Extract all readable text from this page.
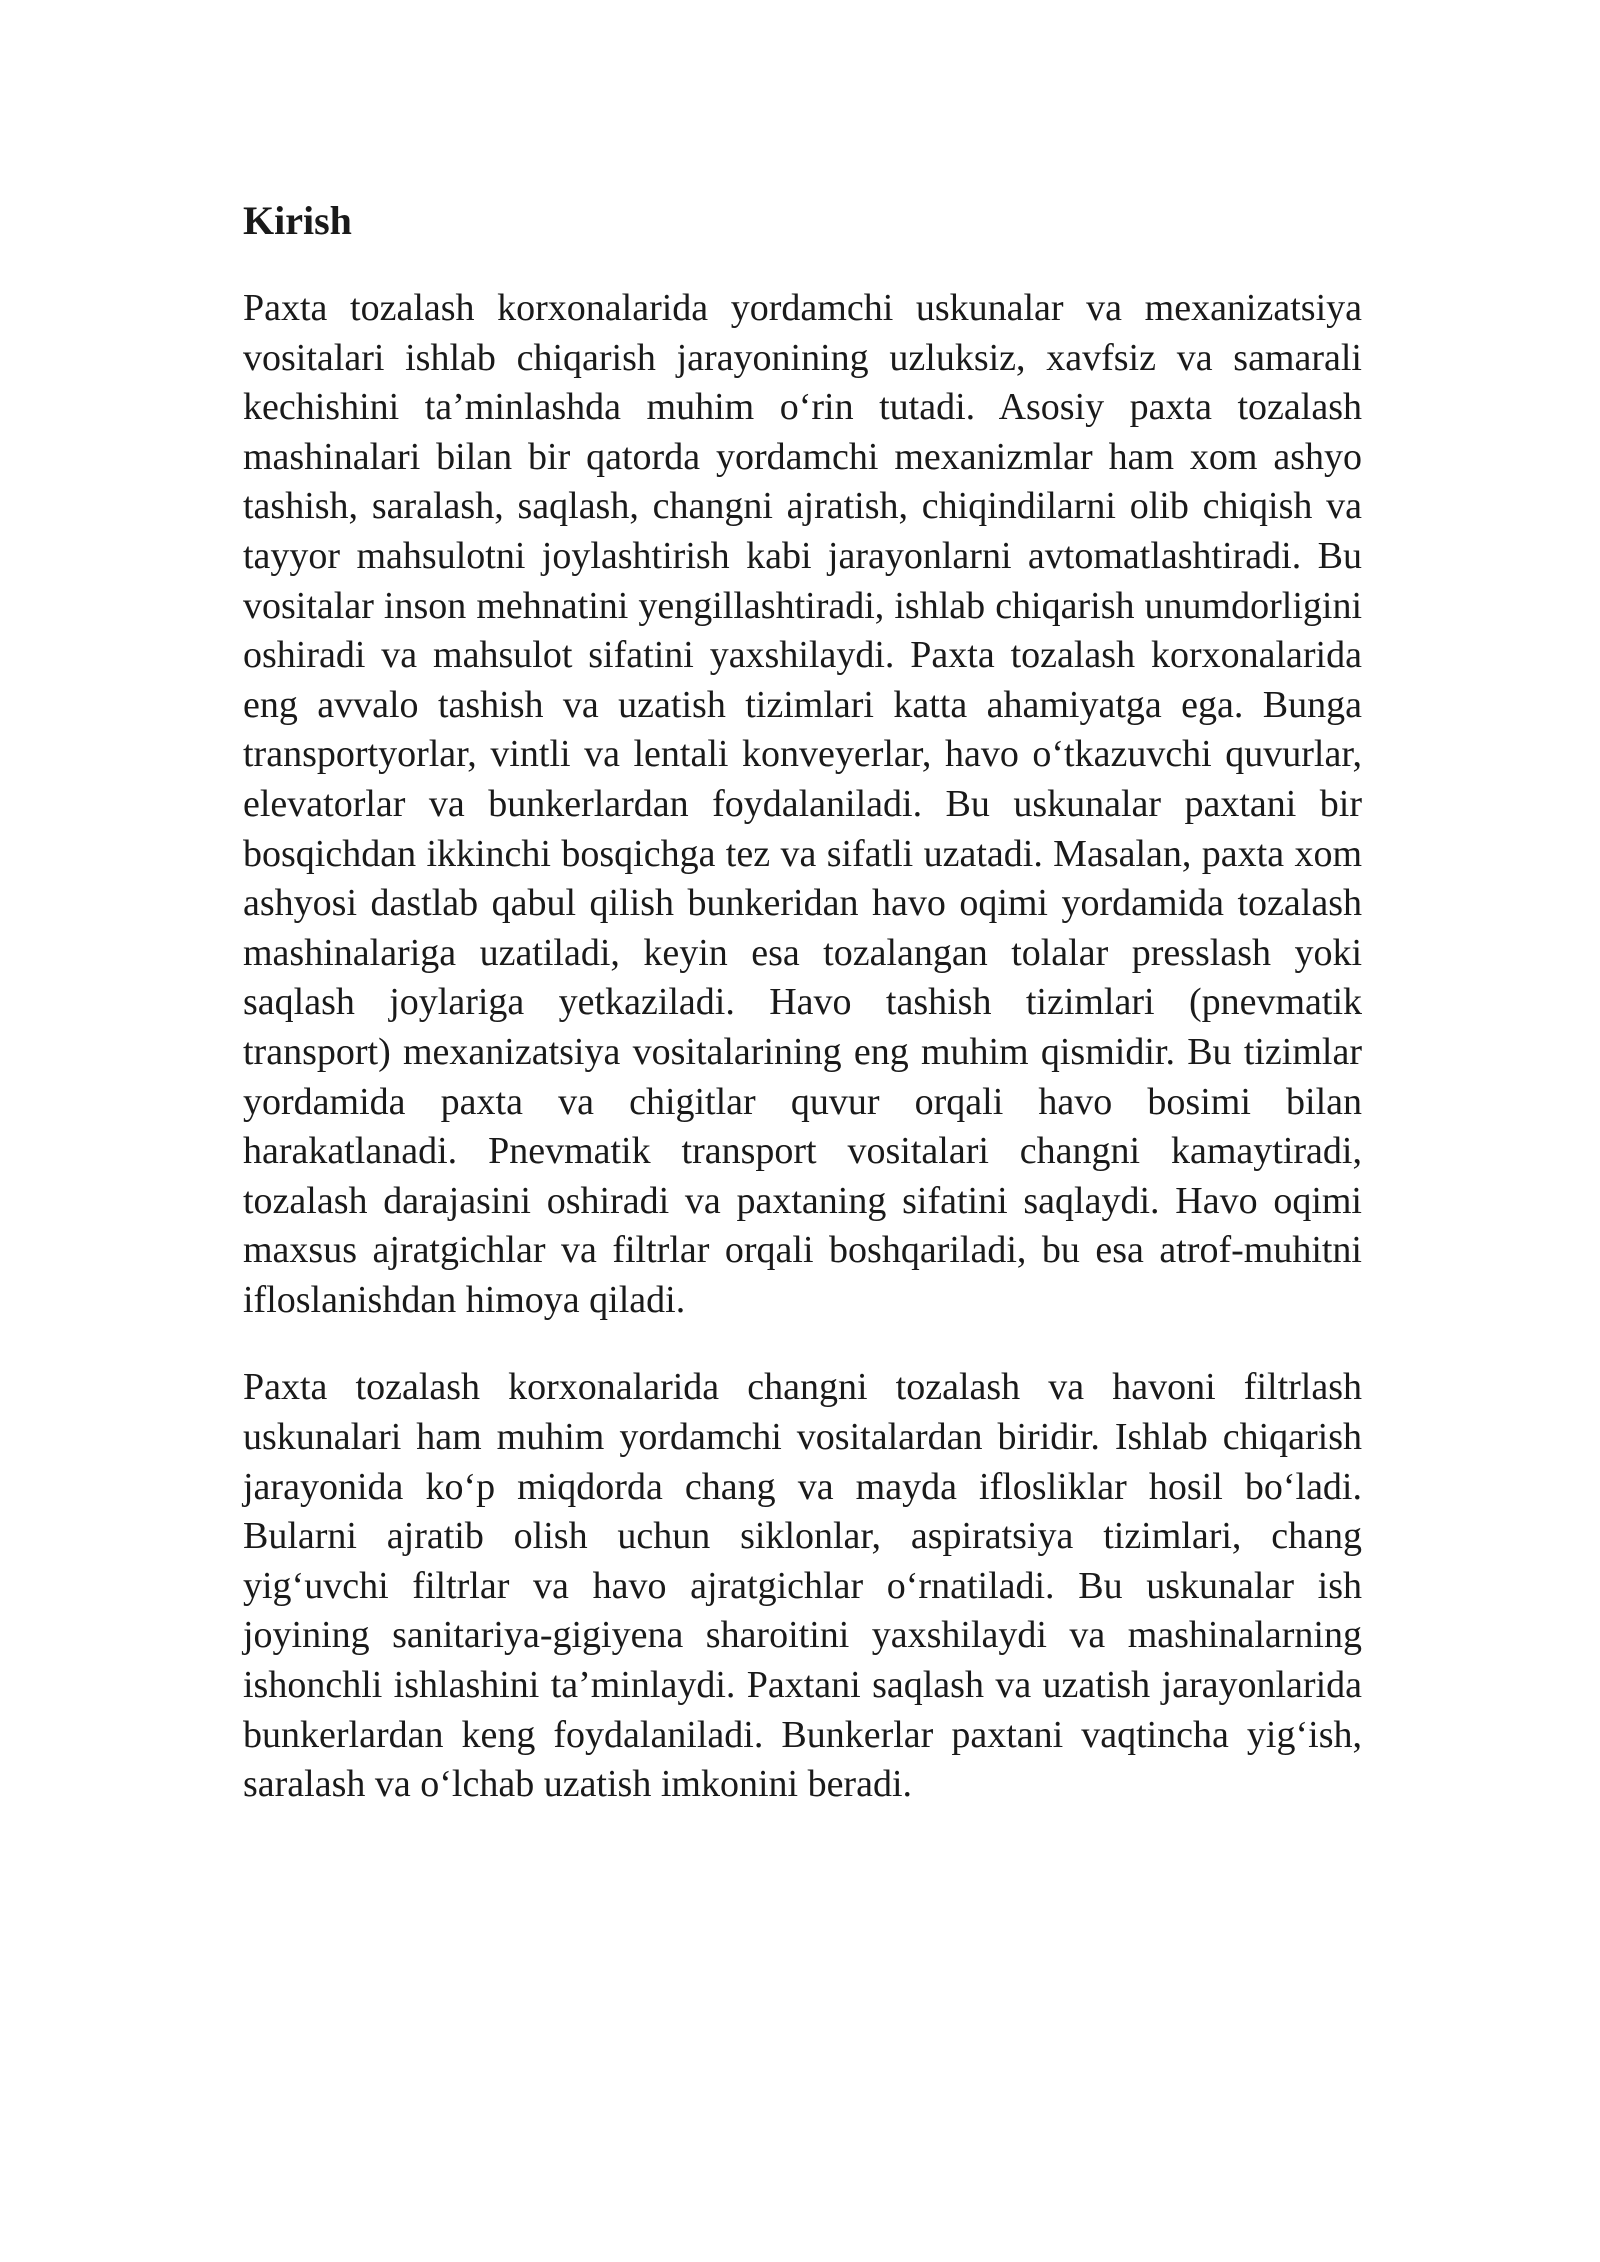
Kirish

Paxta tozalash korxonalarida yordamchi uskunalar va mexanizatsiya vositalari ishlab chiqarish jarayonining uzluksiz, xavfsiz va samarali kechishini ta’minlashda muhim o‘rin tutadi. Asosiy paxta tozalash mashinalari bilan bir qatorda yordamchi mexanizmlar ham xom ashyo tashish, saralash, saqlash, changni ajratish, chiqindilarni olib chiqish va tayyor mahsulotni joylashtirish kabi jarayonlarni avtomatlashtiradi. Bu vositalar inson mehnatini yengillashtiradi, ishlab chiqarish unumdorligini oshiradi va mahsulot sifatini yaxshilaydi. Paxta tozalash korxonalarida eng avvalo tashish va uzatish tizimlari katta ahamiyatga ega. Bunga transportyorlar, vintli va lentali konveyerlar, havo o‘tkazuvchi quvurlar, elevatorlar va bunkerlardan foydalaniladi. Bu uskunalar paxtani bir bosqichdan ikkinchi bosqichga tez va sifatli uzatadi. Masalan, paxta xom ashyosi dastlab qabul qilish bunkeridan havo oqimi yordamida tozalash mashinalariga uzatiladi, keyin esa tozalangan tolalar presslash yoki saqlash joylariga yetkaziladi. Havo tashish tizimlari (pnevmatik transport) mexanizatsiya vositalarining eng muhim qismidir. Bu tizimlar yordamida paxta va chigitlar quvur orqali havo bosimi bilan harakatlanadi. Pnevmatik transport vositalari changni kamaytiradi, tozalash darajasini oshiradi va paxtaning sifatini saqlaydi. Havo oqimi maxsus ajratgichlar va filtrlar orqali boshqariladi, bu esa atrof-muhitni ifloslanishdan himoya qiladi.

Paxta tozalash korxonalarida changni tozalash va havoni filtrlash uskunalari ham muhim yordamchi vositalardan biridir. Ishlab chiqarish jarayonida ko‘p miqdorda chang va mayda iflosliklar hosil bo‘ladi. Bularni ajratib olish uchun siklonlar, aspiratsiya tizimlari, chang yig‘uvchi filtrlar va havo ajratgichlar o‘rnatiladi. Bu uskunalar ish joyining sanitariya-gigiyena sharoitini yaxshilaydi va mashinalarning ishonchli ishlashini ta’minlaydi. Paxtani saqlash va uzatish jarayonlarida bunkerlardan keng foydalaniladi. Bunkerlar paxtani vaqtincha yig‘ish, saralash va o‘lchab uzatish imkonini beradi.
